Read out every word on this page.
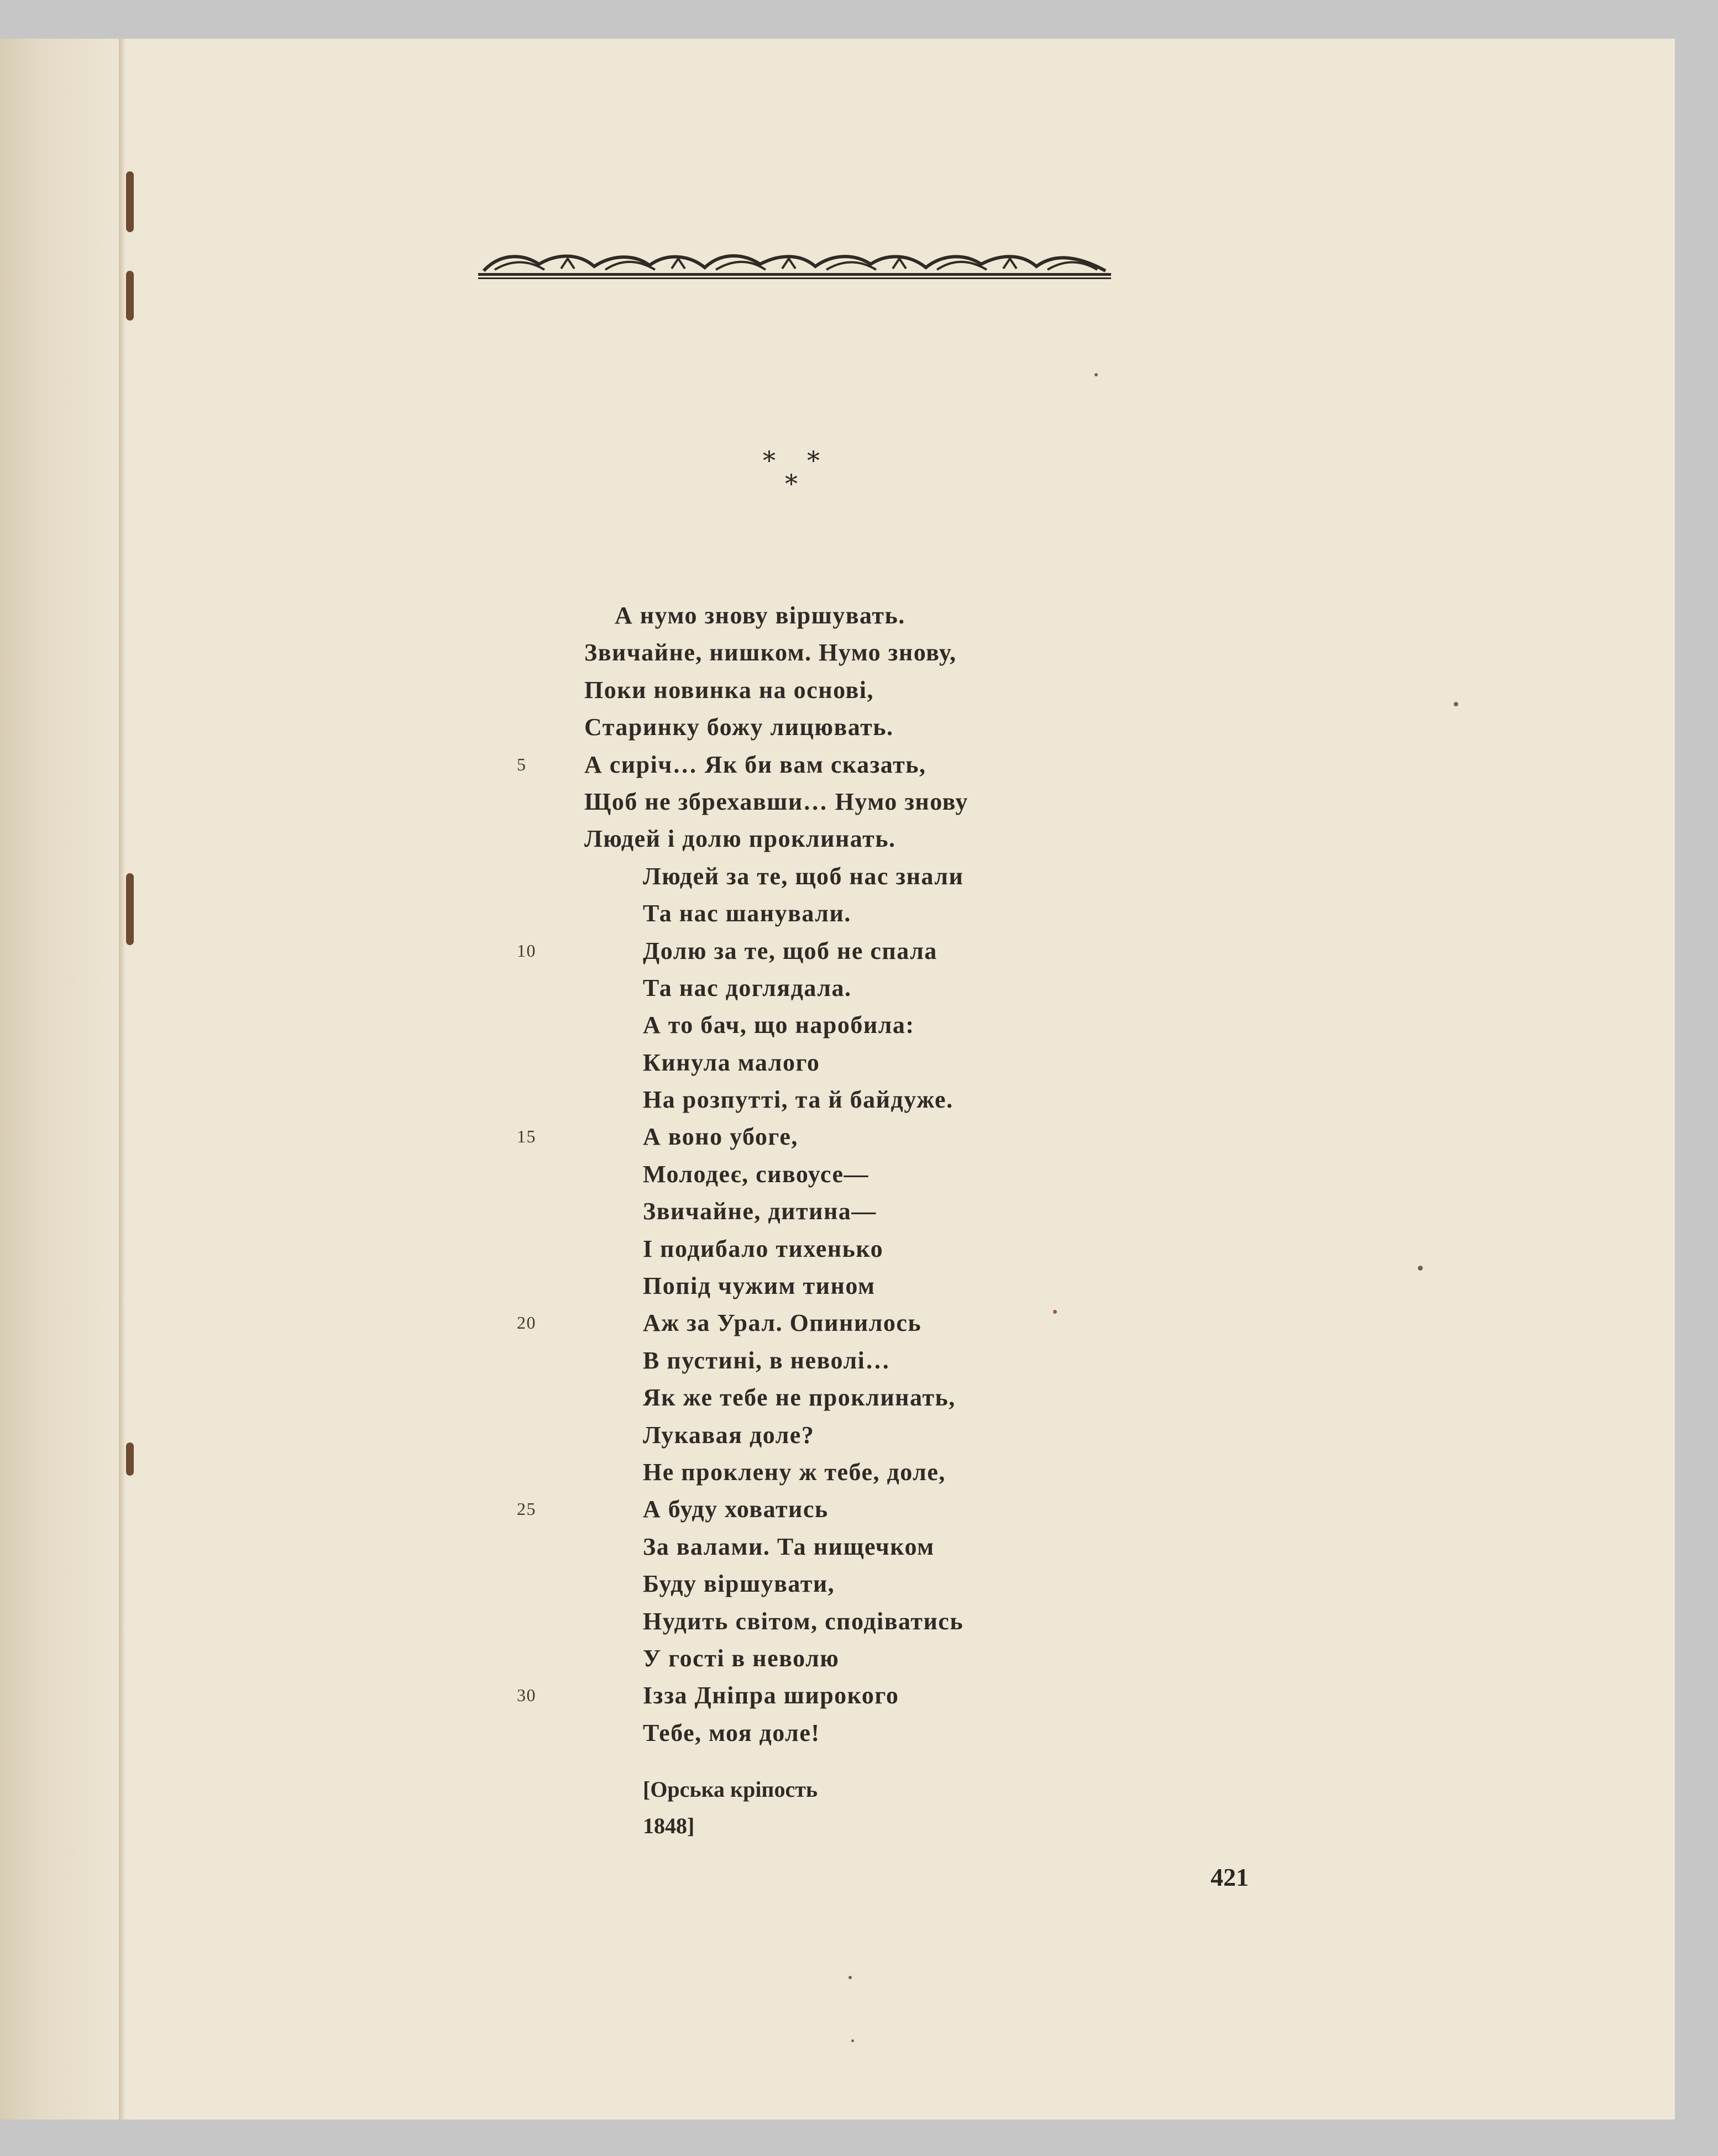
* *
*
А нумо знову віршувать.
Звичайне, нишком. Нумо знову,
Поки новинка на основі,
Старинку божу лицювать.
5	А сиріч… Як би вам сказать,
Щоб не збрехавши… Нумо знову
Людей і долю проклинать.
Людей за те, щоб нас знали
Та нас шанували.
10	Долю за те, щоб не спала
Та нас доглядала.
А то бач, що наробила:
Кинула малого
На розпутті, та й байдуже.
15	А воно убоге,
Молодеє, сивоусе—
Звичайне, дитина—
І подибало тихенько
Попід чужим тином
20	Аж за Урал. Опинилось
В пустині, в неволі…
Як же тебе не проклинать,
Лукавая доле?
Не проклену ж тебе, доле,
25	А буду ховатись
За валами. Та нищечком
Буду віршувати,
Нудить світом, сподіватись
У гості в неволю
30	Ізза Дніпра широкого
Тебе, моя доле!
[Орська кріпость
1848]
421
